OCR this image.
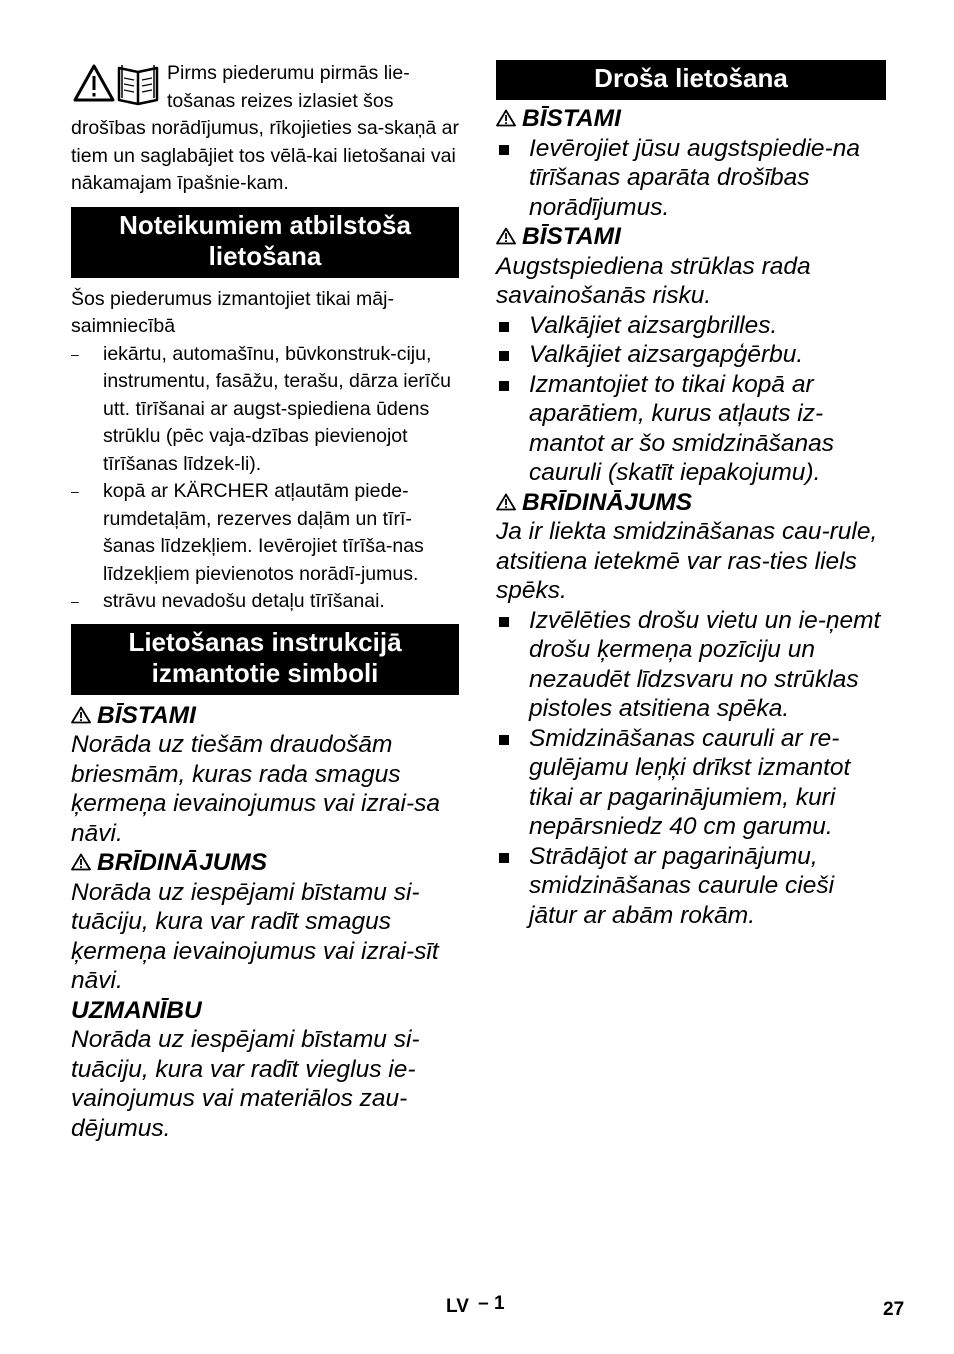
Pirms piederumu pirmās lie-tošanas reizes izlasiet šos drošības norādījumus, rīkojieties sa-skaņā ar tiem un saglabājiet tos vēlā-kai lietošanai vai nākamajam īpašnie-kam.

Noteikumiem atbilstoša lietošana

Šos piederumus izmantojiet tikai māj-saimniecībā

– iekārtu, automašīnu, būvkonstruk-ciju, instrumentu, fasāžu, terašu, dārza ierīču utt. tīrīšanai ar augst-spiediena ūdens strūklu (pēc vaja-dzības pievienojot tīrīšanas līdzek-li).
– kopā ar KÄRCHER atļautām piede-rumdetaļām, rezerves daļām un tīrī-šanas līdzekļiem. Ievērojiet tīrīša-nas līdzekļiem pievienotos norādī-jumus.
– strāvu nevadošu detaļu tīrīšanai.
Lietošanas instrukcijā izmantotie simboli
BĪSTAMI

Norāda uz tiešām draudošām briesmām, kuras rada smagus ķermeņa ievainojumus vai izrai-sa nāvi.

BRĪDINĀJUMS

Norāda uz iespējami bīstamu si-tuāciju, kura var radīt smagus ķermeņa ievainojumus vai izrai-sīt nāvi.

UZMANĪBU

Norāda uz iespējami bīstamu si-tuāciju, kura var radīt vieglus ie-vainojumus vai materiālos zau-dējumus.

Droša lietošana
BĪSTAMI
Ievērojiet jūsu augstspiedie-na tīrīšanas aparāta drošības norādījumus.
BĪSTAMI

Augstspiediena strūklas rada savainošanās risku.

Valkājiet aizsargbrilles.
Valkājiet aizsargapģērbu.
Izmantojiet to tikai kopā ar aparātiem, kurus atļauts iz-mantot ar šo smidzināšanas cauruli (skatīt iepakojumu).
BRĪDINĀJUMS

Ja ir liekta smidzināšanas cau-rule, atsitiena ietekmē var ras-ties liels spēks.

Izvēlēties drošu vietu un ie-ņemt drošu ķermeņa pozīciju un nezaudēt līdzsvaru no strūklas pistoles atsitiena spēka.
Smidzināšanas cauruli ar re-gulējamu leņķi drīkst izmantot tikai ar pagarinājumiem, kuri nepārsniedz 40 cm garumu.
Strādājot ar pagarinājumu, smidzināšanas caurule cieši jātur ar abām rokām.
LV – 1	27
